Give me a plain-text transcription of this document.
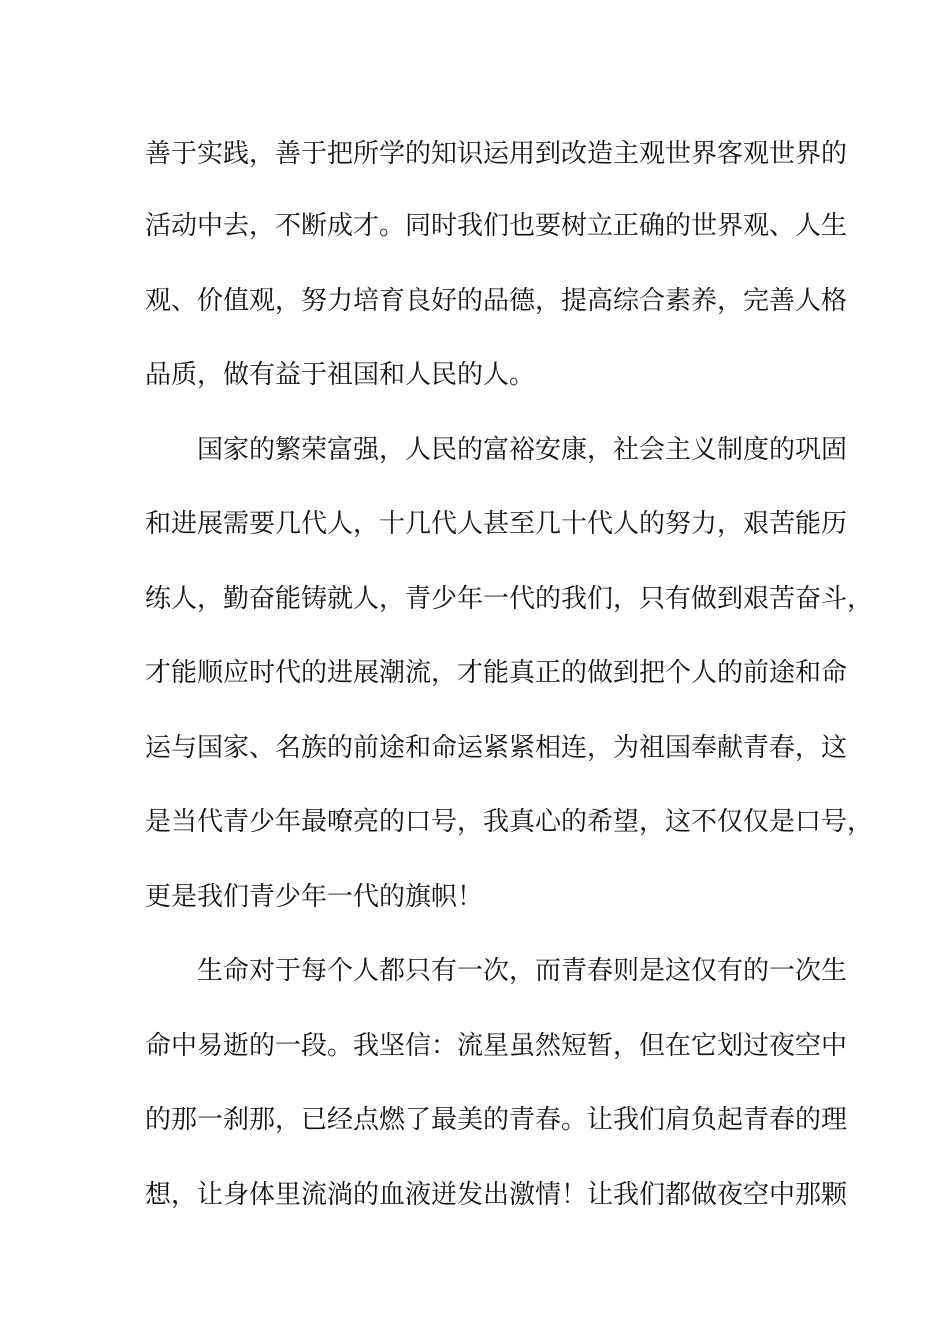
善于实践，善于把所学的知识运用到改造主观世界客观世界的

活动中去，不断成才。同时我们也要树立正确的世界观、人生

观、价值观，努力培育良好的品德，提高综合素养，完善人格

品质，做有益于祖国和人民的人。

　　国家的繁荣富强，人民的富裕安康，社会主义制度的巩固

和进展需要几代人，十几代人甚至几十代人的努力，艰苦能历

练人，勤奋能铸就人，青少年一代的我们，只有做到艰苦奋斗，

才能顺应时代的进展潮流，才能真正的做到把个人的前途和命

运与国家、名族的前途和命运紧紧相连，为祖国奉献青春，这

是当代青少年最嘹亮的口号，我真心的希望，这不仅仅是口号，

更是我们青少年一代的旗帜！

　　生命对于每个人都只有一次，而青春则是这仅有的一次生

命中易逝的一段。我坚信：流星虽然短暂，但在它划过夜空中

的那一刹那，已经点燃了最美的青春。让我们肩负起青春的理

想，让身体里流淌的血液迸发出激情！让我们都做夜空中那颗
